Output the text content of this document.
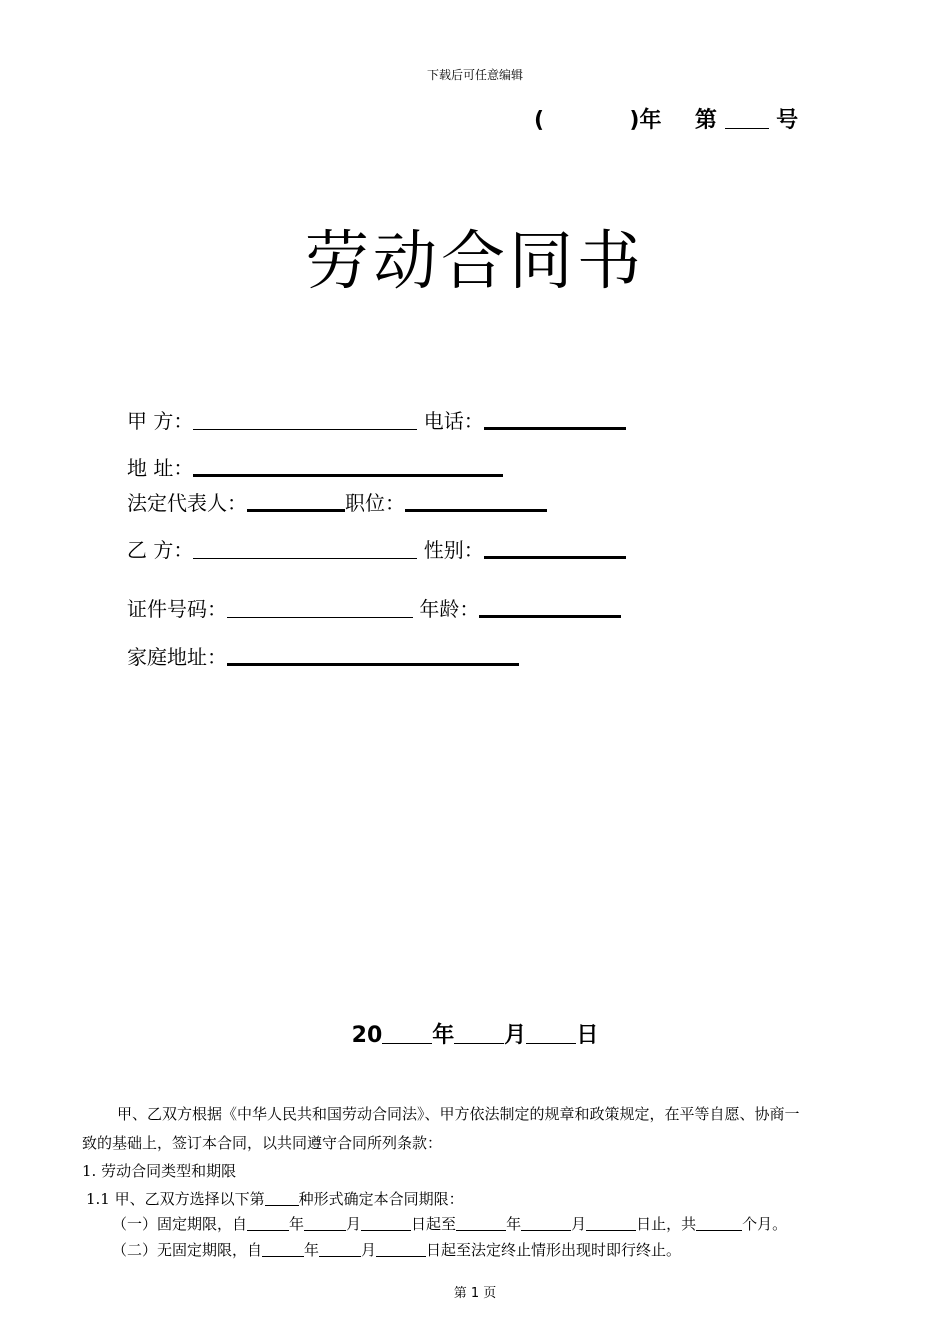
下载后可任意编辑
(	)年 第	号
劳动合同书
甲 方：	电话：
地 址：
法定代表人：	职位：
乙 方：	性别：
证件号码：	年龄：
家庭地址：
20 年 月 日
甲、乙双方根据《中华人民共和国劳动合同法》、甲方依法制定的规章和政策规定，在平等自愿、协商一
致的基础上，签订本合同，以共同遵守合同所列条款：
1. 劳动合同类型和期限
1.1 甲、乙双方选择以下第 种形式确定本合同期限：
（一）固定期限，自	年	月	日起至	年	月	日止，共	个月。
（二）无固定期限，自	年	月	日起至法定终止情形出现时即行终止。
第 1 页
